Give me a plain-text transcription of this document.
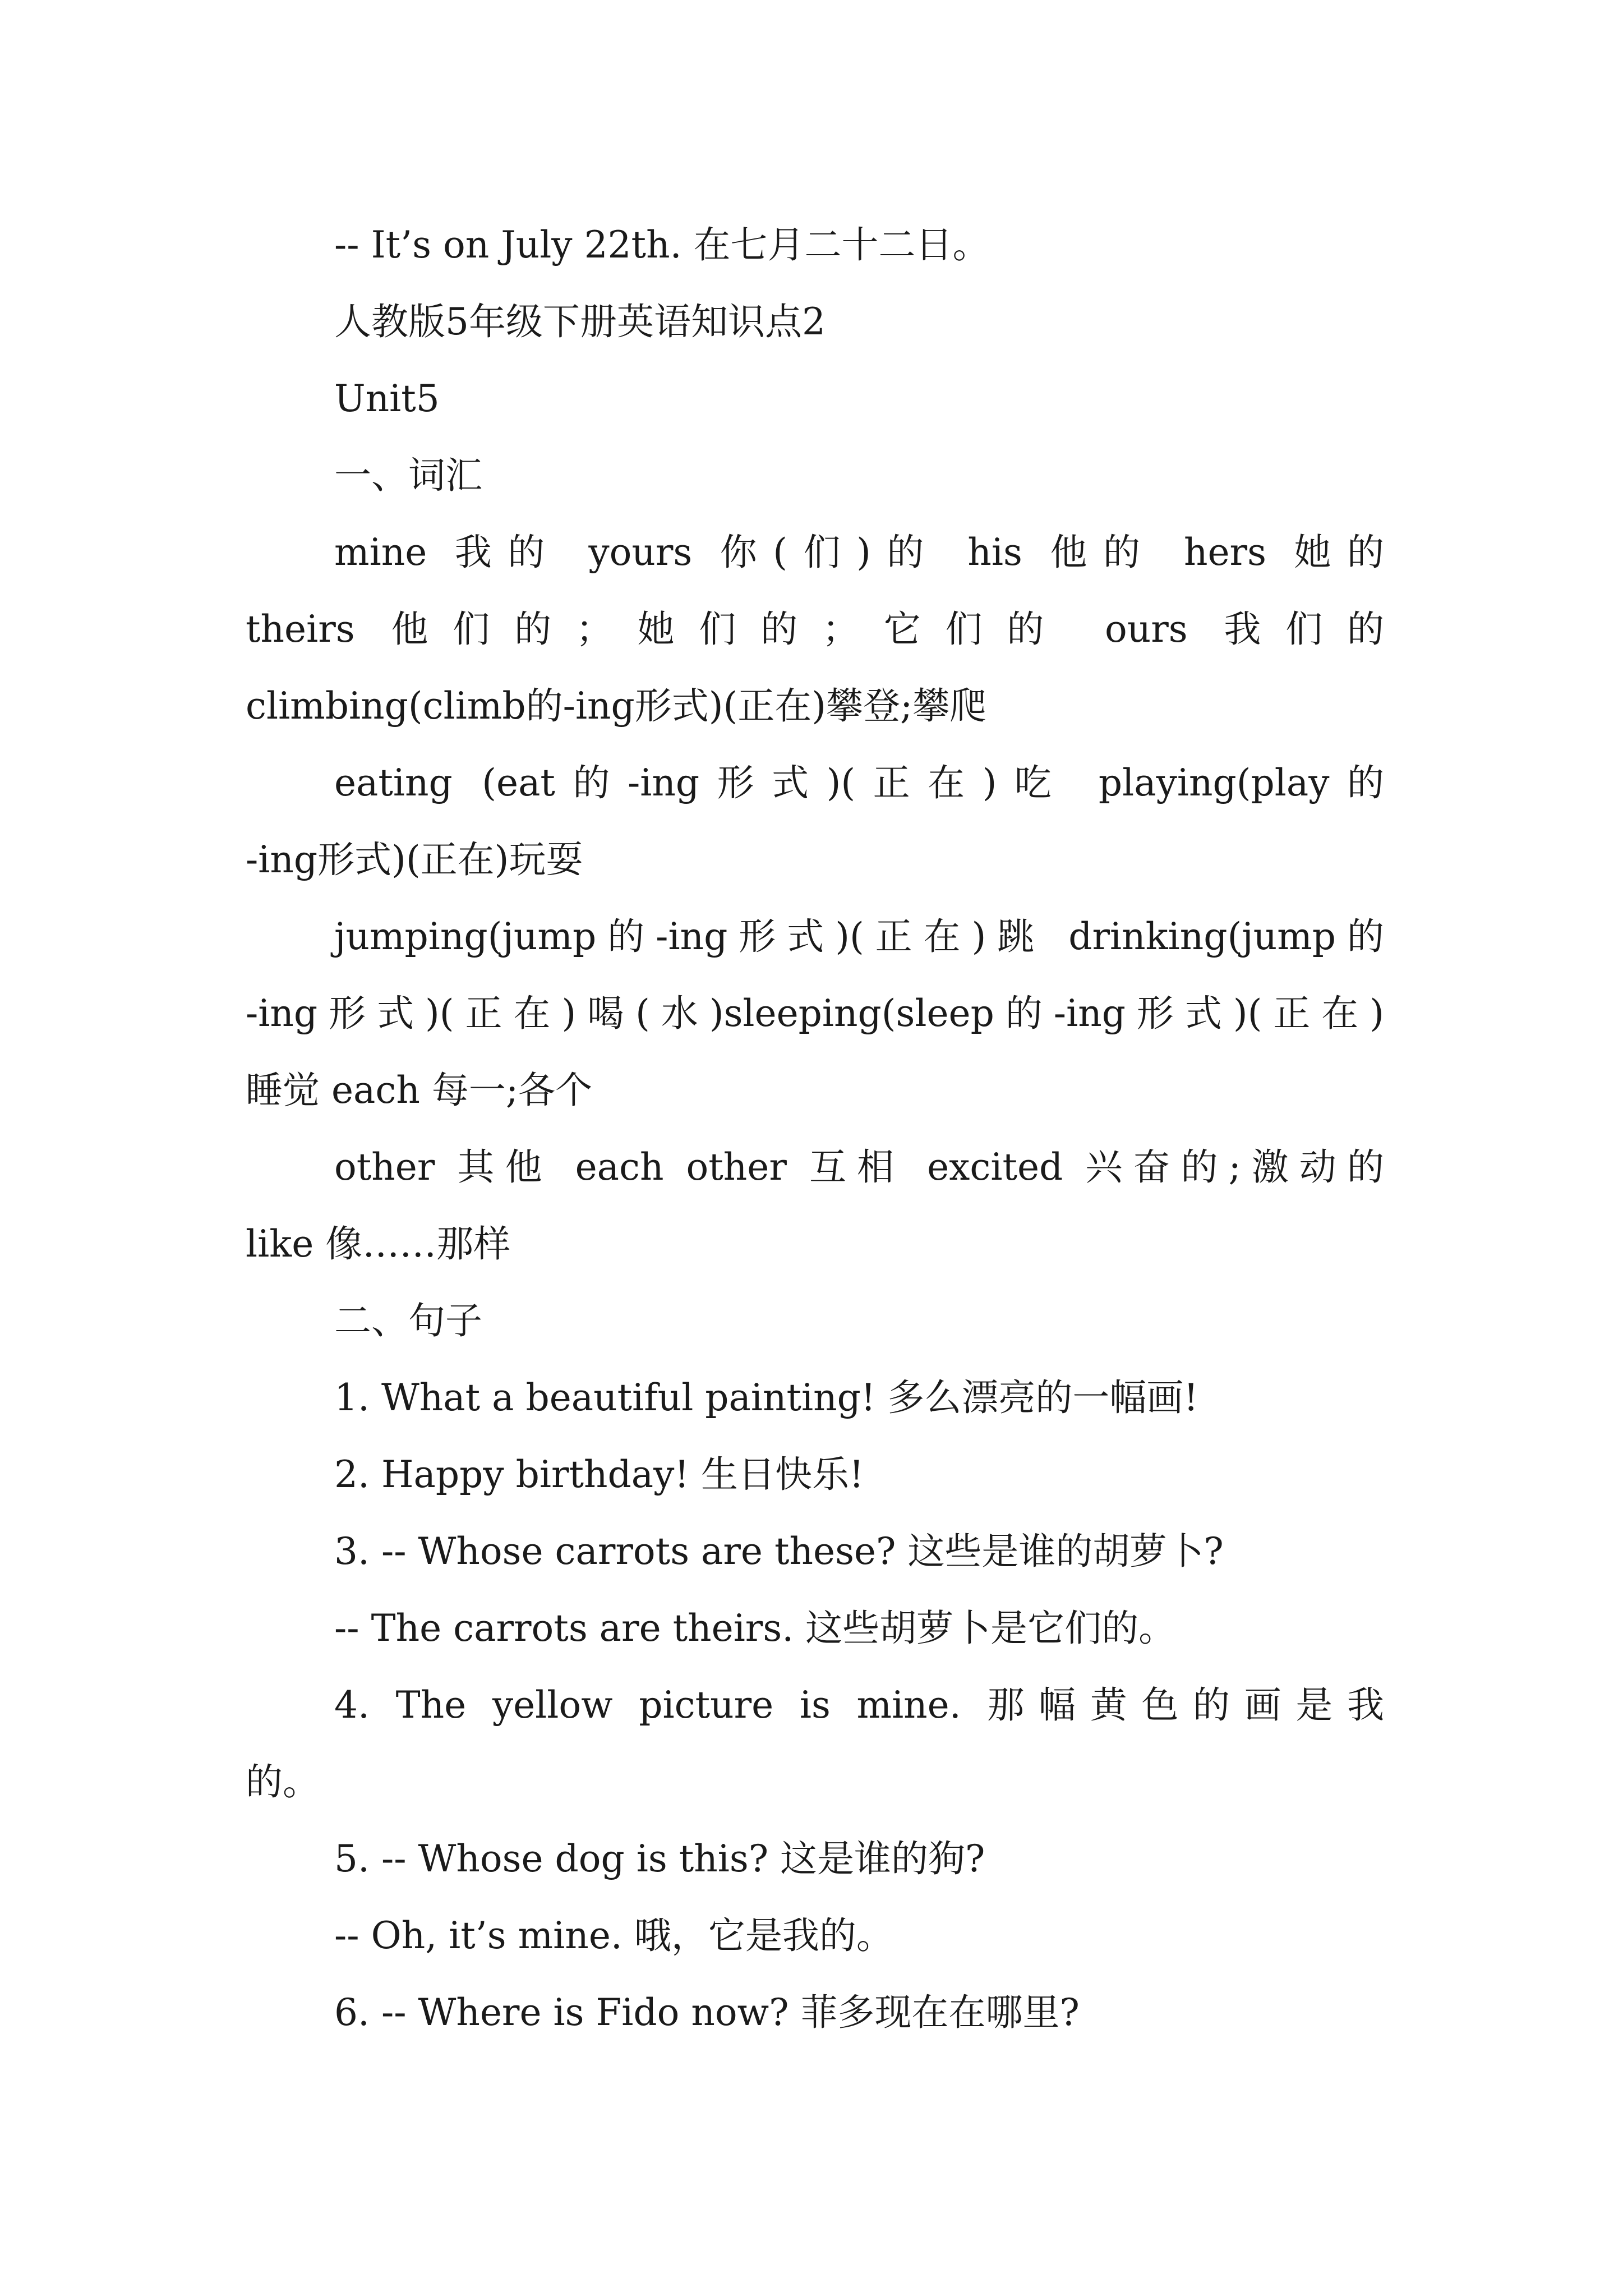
-- It’s on July 22th. 在七月二十二日。

人教版5年级下册英语知识点2

Unit5

一、词汇

mine 我的 yours 你(们)的 his 他的 hers 她的

theirs 他们的；她们的；它们的 ours 我们的

climbing(climb的-ing形式)(正在)攀登;攀爬

eating (eat的-ing形式)(正在)吃 playing(play的

-ing形式)(正在)玩耍

jumping(jump的-ing形式)(正在)跳 drinking(jump的

-ing形式)(正在)喝(水)sleeping(sleep的-ing形式)(正在)

睡觉 each 每一;各个

other 其他 each other 互相 excited 兴奋的;激动的

like 像……那样

二、句子

1. What a beautiful painting! 多么漂亮的一幅画!

2. Happy birthday! 生日快乐!

3. -- Whose carrots are these? 这些是谁的胡萝卜?

-- The carrots are theirs. 这些胡萝卜是它们的。

4. The yellow picture is mine. 那幅黄色的画是我

的。

5. -- Whose dog is this? 这是谁的狗?

-- Oh, it’s mine. 哦，它是我的。

6. -- Where is Fido now? 菲多现在在哪里?
